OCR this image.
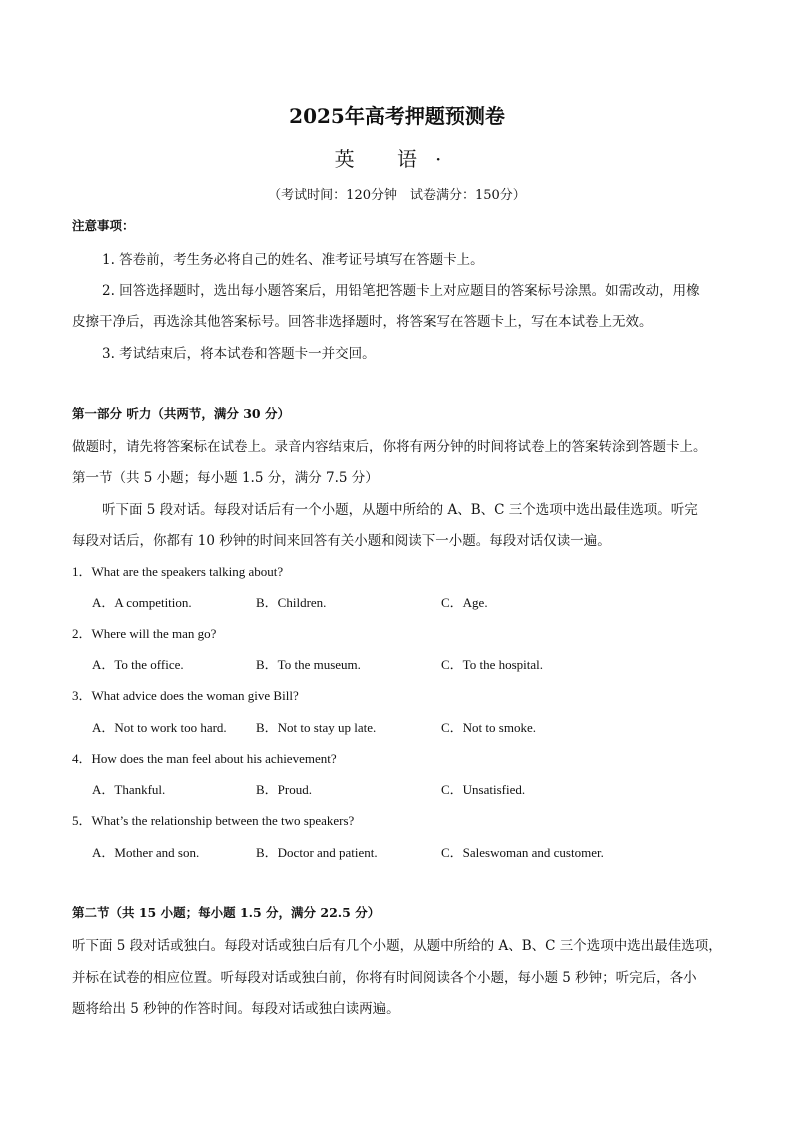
2025年高考押题预测卷
英 语·
（考试时间：120分钟　试卷满分：150分）
注意事项：
1. 答卷前，考生务必将自己的姓名、准考证号填写在答题卡上。
2. 回答选择题时，选出每小题答案后，用铅笔把答题卡上对应题目的答案标号涂黑。如需改动，用橡
皮擦干净后，再选涂其他答案标号。回答非选择题时，将答案写在答题卡上，写在本试卷上无效。
3. 考试结束后，将本试卷和答题卡一并交回。
第一部分 听力（共两节，满分 30 分）
做题时，请先将答案标在试卷上。录音内容结束后，你将有两分钟的时间将试卷上的答案转涂到答题卡上。
第一节（共 5 小题；每小题 1.5 分，满分 7.5 分）
听下面 5 段对话。每段对话后有一个小题，从题中所给的 A、B、C 三个选项中选出最佳选项。听完
每段对话后，你都有 10 秒钟的时间来回答有关小题和阅读下一小题。每段对话仅读一遍。
1．What are the speakers talking about?
A．A competition.	B．Children.	C．Age.
2．Where will the man go?
A．To the office.	B．To the museum.	C．To the hospital.
3．What advice does the woman give Bill?
A．Not to work too hard. B．Not to stay up late.	C．Not to smoke.
4．How does the man feel about his achievement?
A．Thankful.	B．Proud.	C．Unsatisfied.
5．What’s the relationship between the two speakers?
A．Mother and son.	B．Doctor and patient.	C．Saleswoman and customer.
第二节（共 15 小题；每小题 1.5 分，满分 22.5 分）
听下面 5 段对话或独白。每段对话或独白后有几个小题，从题中所给的 A、B、C 三个选项中选出最佳选项，
并标在试卷的相应位置。听每段对话或独白前，你将有时间阅读各个小题，每小题 5 秒钟；听完后，各小
题将给出 5 秒钟的作答时间。每段对话或独白读两遍。
